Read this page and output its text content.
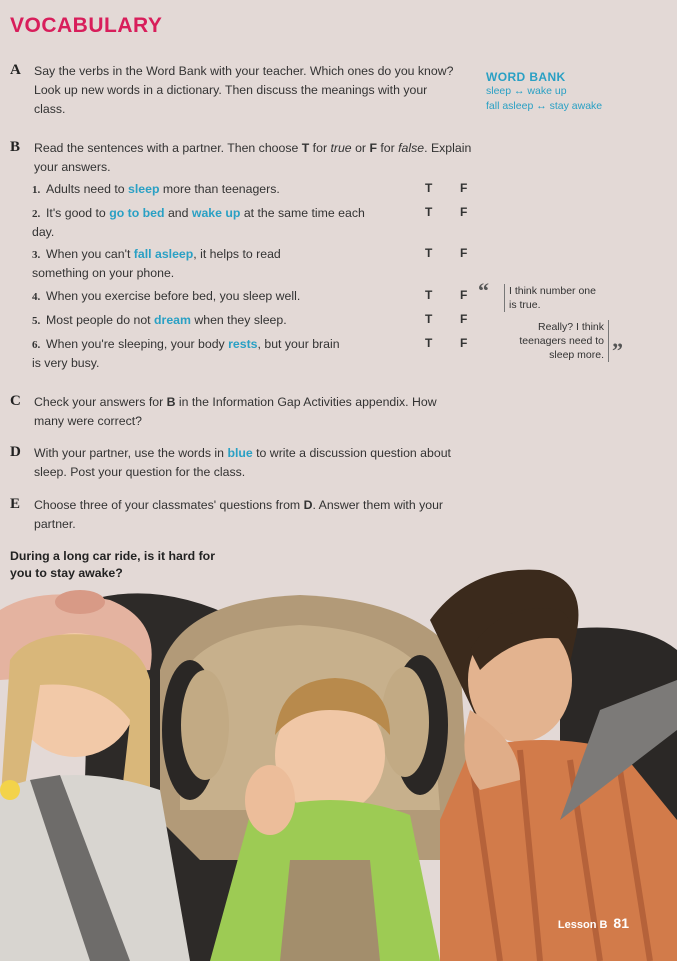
VOCABULARY
A Say the verbs in the Word Bank with your teacher. Which ones do you know? Look up new words in a dictionary. Then discuss the meanings with your class.
WORD BANK
sleep ↔ wake up
fall asleep ↔ stay awake
B Read the sentences with a partner. Then choose T for true or F for false. Explain your answers.
1. Adults need to sleep more than teenagers.	T F
2. It's good to go to bed and wake up at the same time each day.
T F
3. When you can't fall asleep, it helps to read something on your phone.
T F
4. When you exercise before bed, you sleep well.	T F
5. Most people do not dream when they sleep.	T F
6. When you're sleeping, your body rests, but your brain is very busy.
T F
“	I think number one is true.
Really? I think teenagers need to sleep more. ”
C Check your answers for B in the Information Gap Activities appendix. How many were correct?
D With your partner, use the words in blue to write a discussion question about sleep. Post your question for the class.
E Choose three of your classmates' questions from D. Answer them with your partner.
During a long car ride, is it hard for
you to stay awake?
Lesson B 81
